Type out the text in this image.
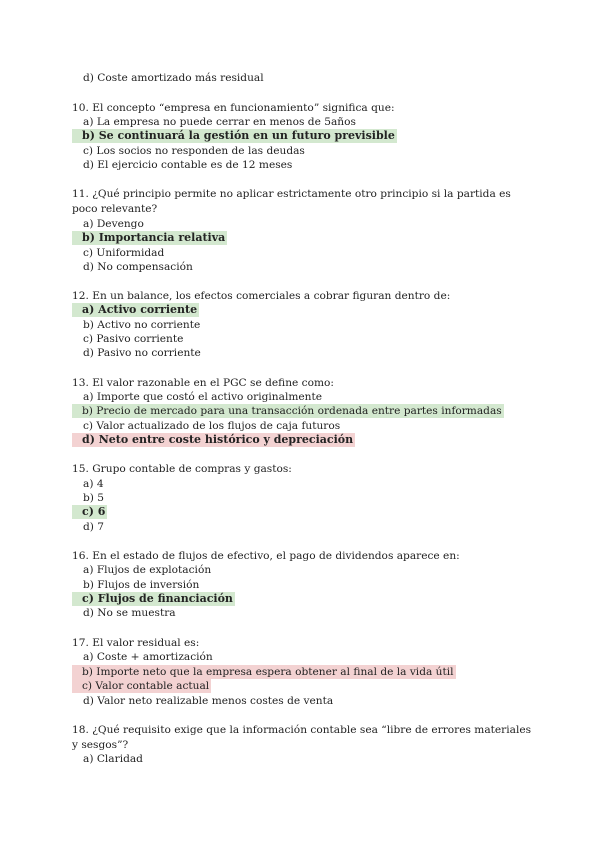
d) Coste amortizado más residual
10. El concepto “empresa en funcionamiento” significa que:
a) La empresa no puede cerrar en menos de 5años
b) Se continuará la gestión en un futuro previsible
c) Los socios no responden de las deudas
d) El ejercicio contable es de 12 meses
11. ¿Qué principio permite no aplicar estrictamente otro principio si la partida es poco relevante?
a) Devengo
b) Importancia relativa
c) Uniformidad
d) No compensación
12. En un balance, los efectos comerciales a cobrar figuran dentro de:
a) Activo corriente
b) Activo no corriente
c) Pasivo corriente
d) Pasivo no corriente
13. El valor razonable en el PGC se define como:
a) Importe que costó el activo originalmente
b) Precio de mercado para una transacción ordenada entre partes informadas
c) Valor actualizado de los flujos de caja futuros
d) Neto entre coste histórico y depreciación
15. Grupo contable de compras y gastos:
a) 4
b) 5
c) 6
d) 7
16. En el estado de flujos de efectivo, el pago de dividendos aparece en:
a) Flujos de explotación
b) Flujos de inversión
c) Flujos de financiación
d) No se muestra
17. El valor residual es:
a) Coste + amortización
b) Importe neto que la empresa espera obtener al final de la vida útil
c) Valor contable actual
d) Valor neto realizable menos costes de venta
18. ¿Qué requisito exige que la información contable sea “libre de errores materiales y sesgos”?
a) Claridad
